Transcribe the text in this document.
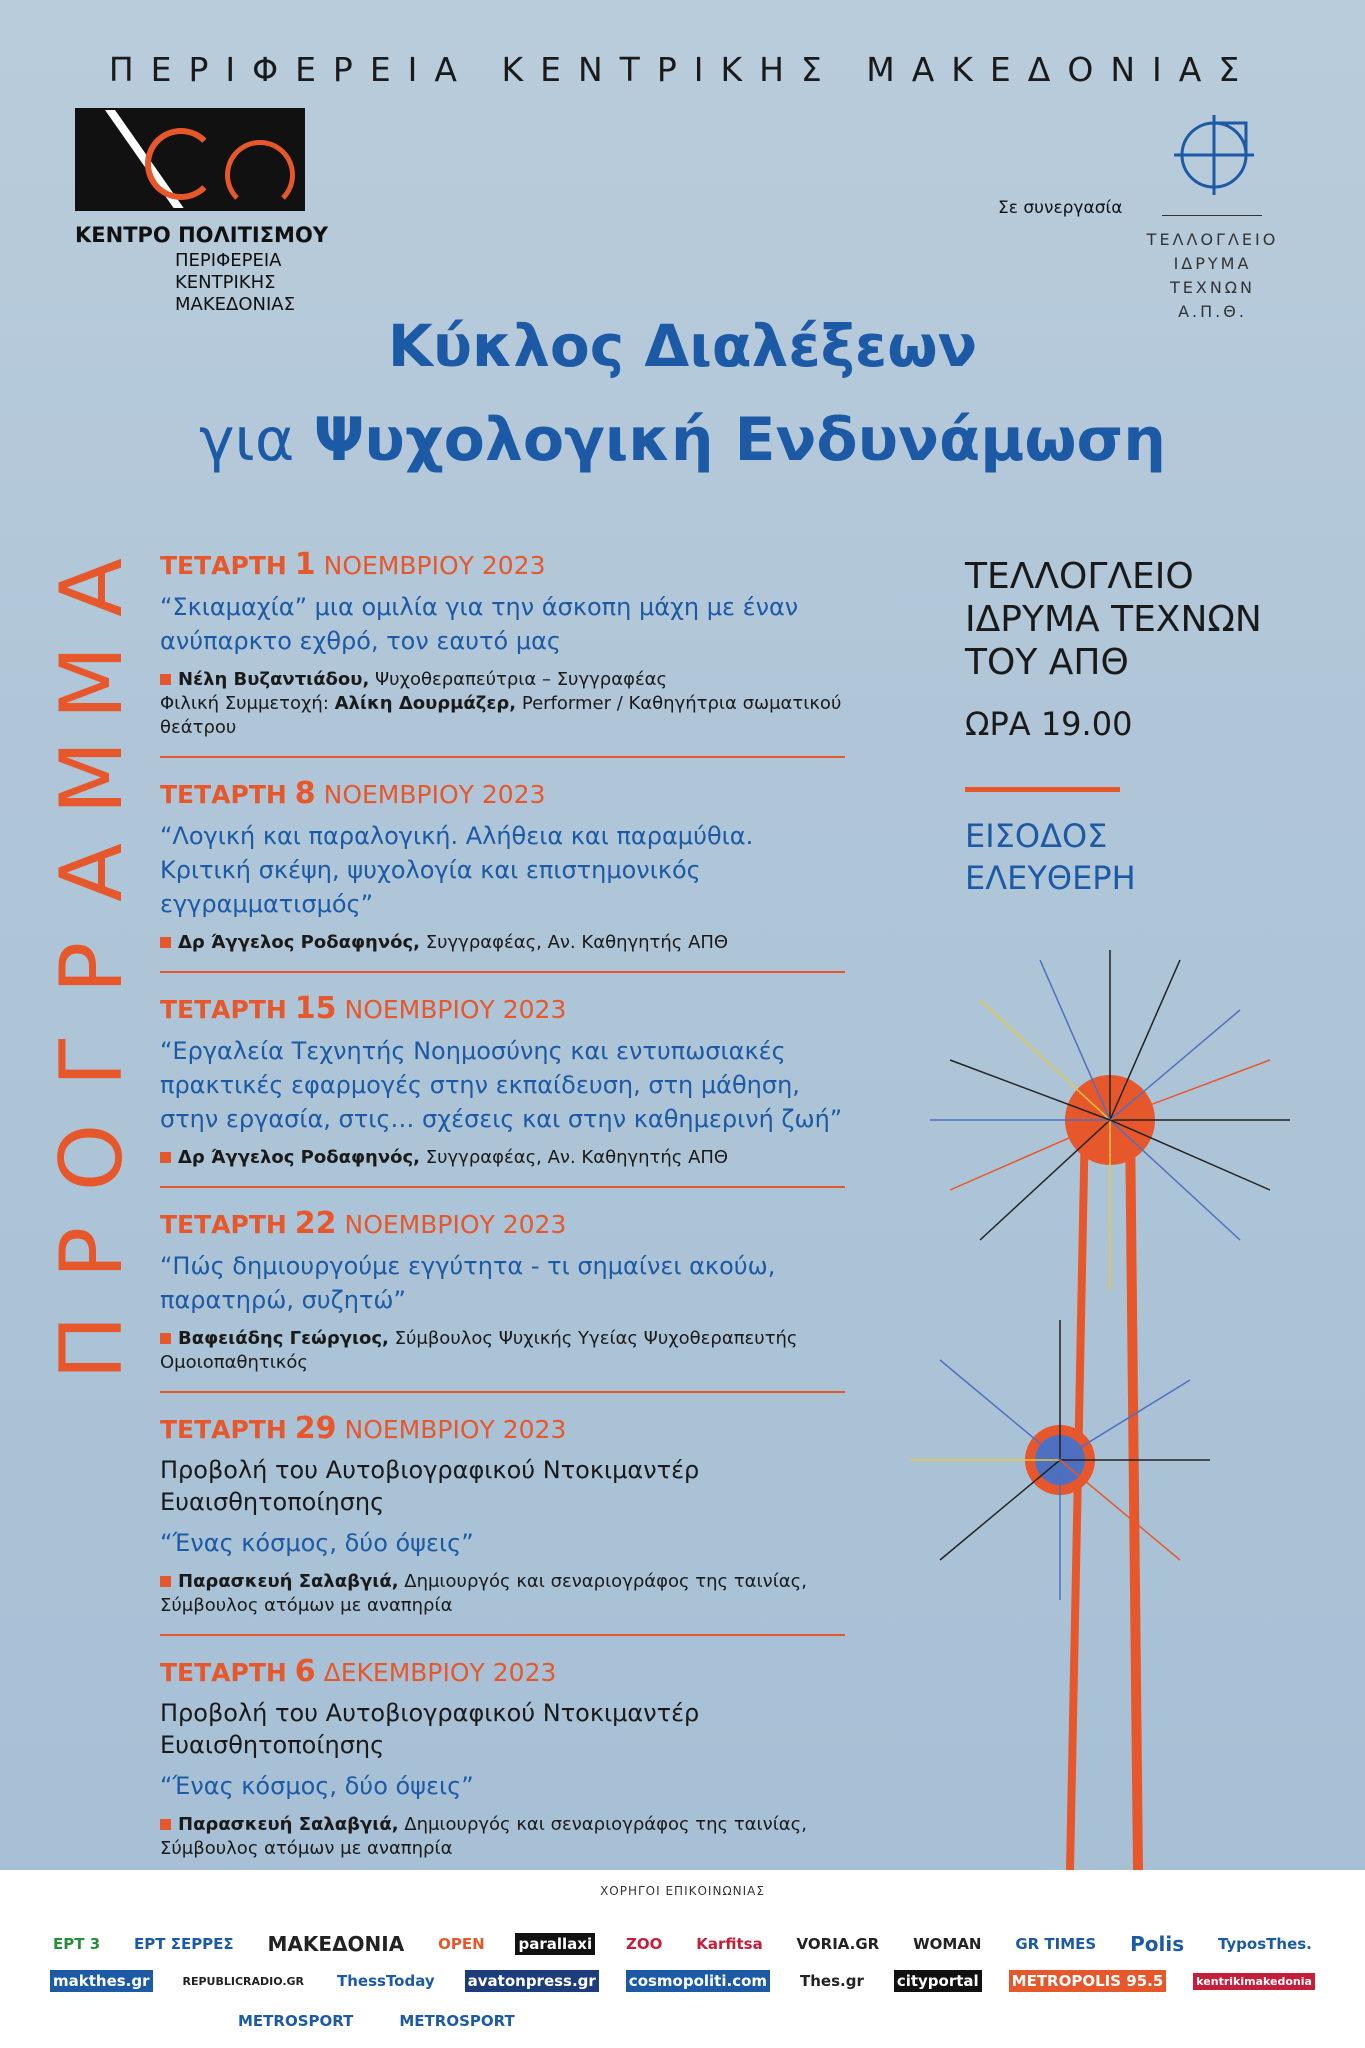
ΠΕΡΙΦΕΡΕΙΑ ΚΕΝΤΡΙΚΗΣ ΜΑΚΕΔΟΝΙΑΣ
ΚΕΝΤΡΟ ΠΟΛΙΤΙΣΜΟΥ
ΠΕΡΙΦΕΡΕΙΑ
ΚΕΝΤΡΙΚΗΣ
ΜΑΚΕΔΟΝΙΑΣ
Σε συνεργασία
ΤΕΛΛΟΓΛΕΙΟ
ΙΔΡΥΜΑ
ΤΕΧΝΩΝ
Α.Π.Θ.
Κύκλος Διαλέξεων
για Ψυχολογική Ενδυνάμωση
Α
Μ
Μ
Α
Ρ
Γ
Ο
Ρ
Π
ΤΕΤΑΡΤΗ 1 ΝΟΕΜΒΡΙΟΥ 2023
“Σκιαμαχία” μια ομιλία για την άσκοπη μάχη με έναν ανύπαρκτο εχθρό, τον εαυτό μας
Νέλη Βυζαντιάδου, Ψυχοθεραπεύτρια – Συγγραφέας
Φιλική Συμμετοχή: Αλίκη Δουρμάζερ, Performer / Καθηγήτρια σωματικού θεάτρου
ΤΕΤΑΡΤΗ 8 ΝΟΕΜΒΡΙΟΥ 2023
“Λογική και παραλογική. Αλήθεια και παραμύθια. Κριτική σκέψη, ψυχολογία και επιστημονικός εγγραμματισμός”
Δρ Άγγελος Ροδαφηνός, Συγγραφέας, Αν. Καθηγητής ΑΠΘ
ΤΕΤΑΡΤΗ 15 ΝΟΕΜΒΡΙΟΥ 2023
“Εργαλεία Τεχνητής Νοημοσύνης και εντυπωσιακές πρακτικές εφαρμογές στην εκπαίδευση, στη μάθηση, στην εργασία, στις… σχέσεις και στην καθημερινή ζωή”
Δρ Άγγελος Ροδαφηνός, Συγγραφέας, Αν. Καθηγητής ΑΠΘ
ΤΕΤΑΡΤΗ 22 ΝΟΕΜΒΡΙΟΥ 2023
“Πώς δημιουργούμε εγγύτητα - τι σημαίνει ακούω, παρατηρώ, συζητώ”
Βαφειάδης Γεώργιος, Σύμβουλος Ψυχικής Υγείας Ψυχοθεραπευτής Ομοιοπαθητικός
ΤΕΤΑΡΤΗ 29 ΝΟΕΜΒΡΙΟΥ 2023
Προβολή του Αυτοβιογραφικού Ντοκιμαντέρ Ευαισθητοποίησης
“Ένας κόσμος, δύο όψεις”
Παρασκευή Σαλαβγιά, Δημιουργός και σεναριογράφος της ταινίας, Σύμβουλος ατόμων με αναπηρία
ΤΕΤΑΡΤΗ 6 ΔΕΚΕΜΒΡΙΟΥ 2023
Προβολή του Αυτοβιογραφικού Ντοκιμαντέρ Ευαισθητοποίησης
“Ένας κόσμος, δύο όψεις”
Παρασκευή Σαλαβγιά, Δημιουργός και σεναριογράφος της ταινίας, Σύμβουλος ατόμων με αναπηρία
ΤΕΛΛΟΓΛΕΙΟ
ΙΔΡΥΜΑ ΤΕΧΝΩΝ
ΤΟΥ ΑΠΘ
ΩΡΑ 19.00
ΕΙΣΟΔΟΣ
ΕΛΕΥΘΕΡΗ
ΧΟΡΗΓΟΙ ΕΠΙΚΟΙΝΩΝΙΑΣ
ΕΡΤ 3 ΕΡΤ ΣΕΡΡΕΣ ΜΑΚΕΔΟΝΙΑ OPEN parallaxi ZOO Karfitsa VORIA.GR WOMAN GR TIMES Polis TyposThes.
makthes.gr	REPUBLICRADIO.GR ThessToday avatonpress.gr cosmopoliti.com Thes.gr cityportal METROPOLIS 95.5	kentrikimakedonia
METROSPORT	METROSPORT
